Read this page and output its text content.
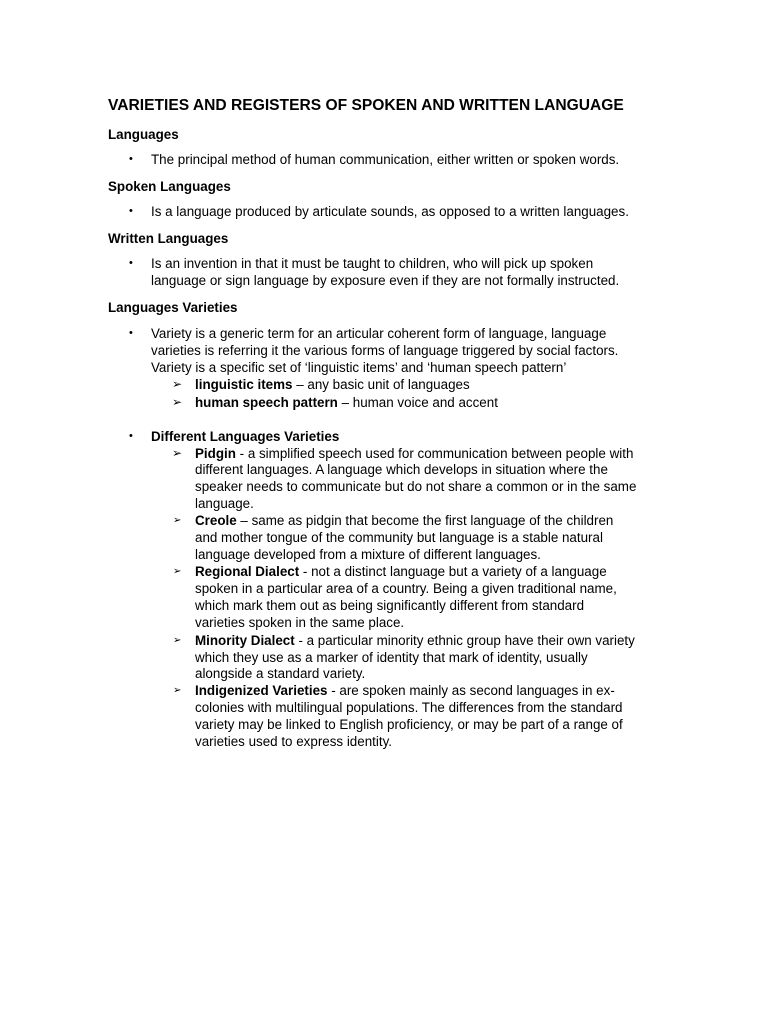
VARIETIES AND REGISTERS OF SPOKEN AND WRITTEN LANGUAGE
Languages
• The principal method of human communication, either written or spoken words.
Spoken Languages
• Is a language produced by articulate sounds, as opposed to a written languages.
Written Languages
• Is an invention in that it must be taught to children, who will pick up spoken
language or sign language by exposure even if they are not formally instructed.
Languages Varieties
• Variety is a generic term for an articular coherent form of language, language
varieties is referring it the various forms of language triggered by social factors.
Variety is a specific set of ‘linguistic items’ and ‘human speech pattern’
➢ linguistic items – any basic unit of languages
➢ human speech pattern – human voice and accent
• Different Languages Varieties
➢ Pidgin - a simplified speech used for communication between people with
different languages. A language which develops in situation where the
speaker needs to communicate but do not share a common or in the same
language.
➢ Creole – same as pidgin that become the first language of the children
and mother tongue of the community but language is a stable natural
language developed from a mixture of different languages.
➢ Regional Dialect - not a distinct language but a variety of a language
spoken in a particular area of a country. Being a given traditional name,
which mark them out as being significantly different from standard
varieties spoken in the same place.
➢ Minority Dialect - a particular minority ethnic group have their own variety
which they use as a marker of identity that mark of identity, usually
alongside a standard variety.
➢ Indigenized Varieties - are spoken mainly as second languages in ex-
colonies with multilingual populations. The differences from the standard
variety may be linked to English proficiency, or may be part of a range of
varieties used to express identity.
